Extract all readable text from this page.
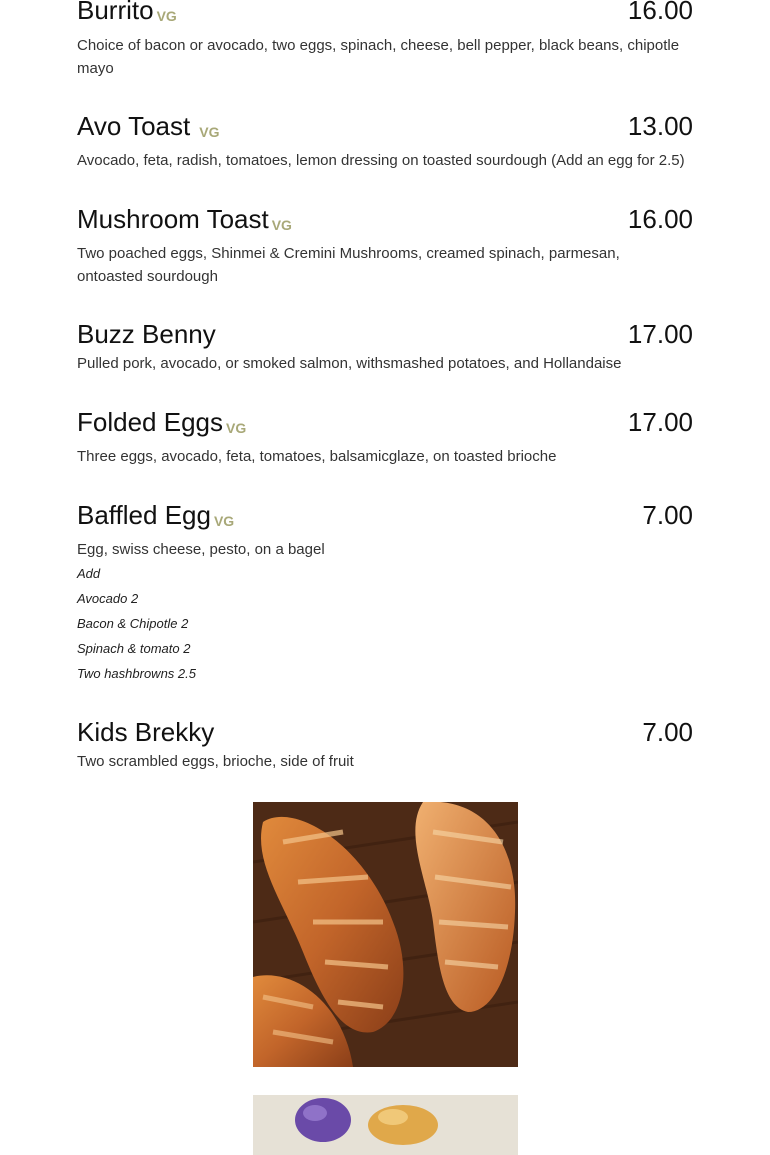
Burrito VG	16.00

Choice of bacon or avocado, two eggs, spinach, cheese, bell pepper, black beans, chipotle mayo

Avo Toast VG	13.00

Avocado, feta, radish, tomatoes, lemon dressing on toasted sourdough (Add an egg for 2.5)

Mushroom Toast VG	16.00

Two poached eggs, Shinmei & Cremini Mushrooms, creamed spinach, parmesan, ontoasted sourdough

Buzz Benny	17.00

Pulled pork, avocado, or smoked salmon, withsmashed potatoes, and Hollandaise

Folded Eggs VG	17.00

Three eggs, avocado, feta, tomatoes, balsamicglaze, on toasted brioche

Baffled Egg VG	7.00

Egg, swiss cheese, pesto, on a bagel

Add
Avocado 2
Bacon & Chipotle 2
Spinach & tomato 2
Two hashbrowns 2.5
Kids Brekky	7.00

Two scrambled eggs, brioche, side of fruit
